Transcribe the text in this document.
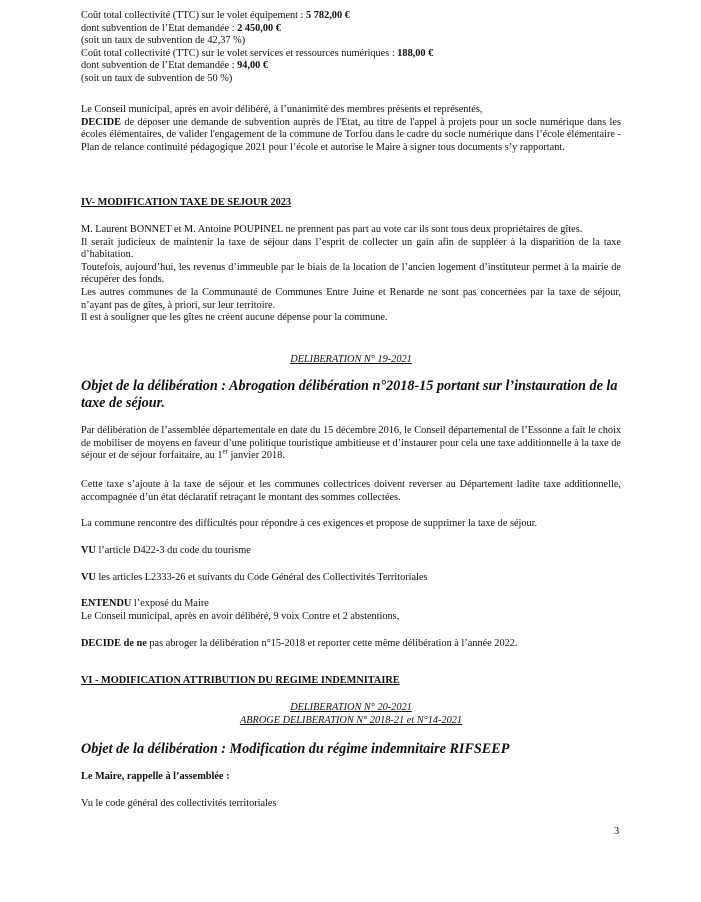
Coût total collectivité (TTC) sur le volet équipement : 5 782,00 €
dont subvention de l’Etat demandée : 2 450,00 €
(soit un taux de subvention de 42,37 %)
Coût total collectivité (TTC) sur le volet services et ressources numériques : 188,00 €
dont subvention de l’Etat demandée : 94,00 €
(soit un taux de subvention de 50 %)
Le Conseil municipal, après en avoir délibéré, à l’unanimité des membres présents et représentés,
DECIDE de déposer une demande de subvention auprès de l'Etat, au titre de l'appel à projets pour un socle numérique dans les écoles élémentaires, de valider l'engagement de la commune de Torfou dans le cadre du socle numérique dans l’école élémentaire - Plan de relance continuité pédagogique 2021 pour l’école et autorise le Maire à signer tous documents s’y rapportant.
IV- MODIFICATION TAXE DE SEJOUR 2023
M. Laurent BONNET et M. Antoine POUPINEL ne prennent pas part au vote car ils sont tous deux propriétaires de gîtes.
Il serait judicieux de maintenir la taxe de séjour dans l’esprit de collecter un gain afin de suppléer à la disparition de la taxe d’habitation.
Toutefois, aujourd’hui, les revenus d’immeuble par le biais de la location de l’ancien logement d’instituteur permet à la mairie de récupérer des fonds.
Les autres communes de la Communauté de Communes Entre Juine et Renarde ne sont pas concernées par la taxe de séjour, n’ayant pas de gîtes, à priori, sur leur territoire.
Il est à souligner que les gîtes ne créent aucune dépense pour la commune.
DELIBERATION N° 19-2021
Objet de la délibération : Abrogation délibération n°2018-15 portant sur l’instauration de la taxe de séjour.
Par délibération de l’assemblée départementale en date du 15 décembre 2016, le Conseil départemental de l’Essonne a fait le choix de mobiliser de moyens en faveur d’une politique touristique ambitieuse et d’instaurer pour cela une taxe additionnelle à la taxe de séjour et de séjour forfaitaire, au 1er janvier 2018.
Cette taxe s’ajoute à la taxe de séjour et les communes collectrices doivent reverser au Département ladite taxe additionnelle, accompagnée d’un état déclaratif retraçant le montant des sommes collectées.
La commune rencontre des difficultés pour répondre à ces exigences et propose de supprimer la taxe de séjour.
VU l’article D422-3 du code du tourisme
VU les articles L2333-26 et suivants du Code Général des Collectivités Territoriales
ENTENDU l’exposé du Maire
Le Conseil municipal, après en avoir délibéré, 9 voix Contre et 2 abstentions,
DECIDE de ne pas abroger la délibération n°15-2018 et reporter cette même délibération à l’année 2022.
VI - MODIFICATION ATTRIBUTION DU REGIME INDEMNITAIRE
DELIBERATION N° 20-2021
ABROGE DELIBERATION N° 2018-21 et N°14-2021
Objet de la délibération : Modification du régime indemnitaire RIFSEEP
Le Maire, rappelle à l’assemblée :
Vu le code général des collectivités territoriales
3
